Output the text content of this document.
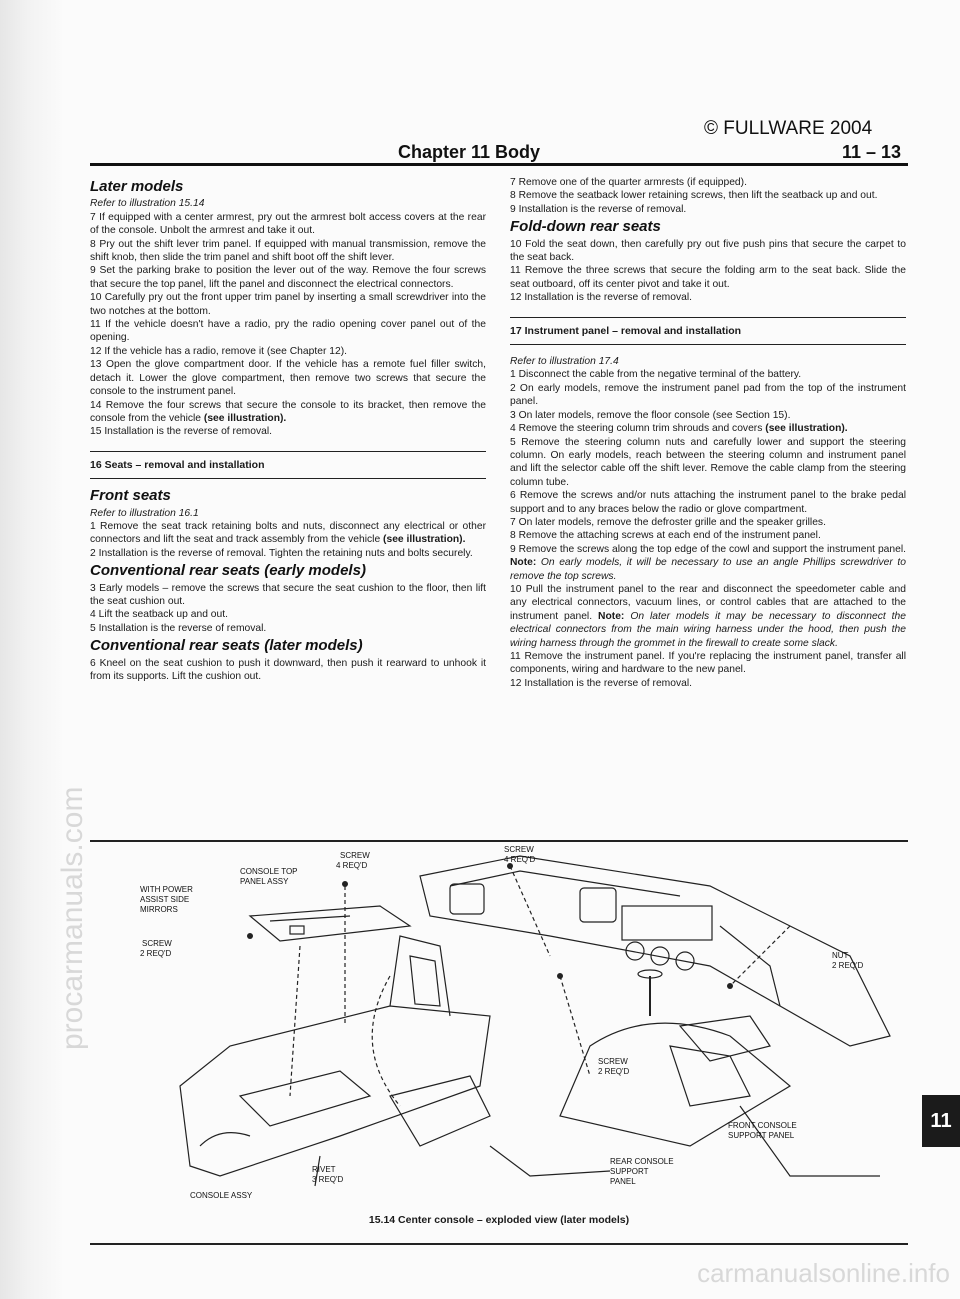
© FULLWARE 2004
Chapter 11 Body	11 – 13
Later models

Refer to illustration 15.14

7 If equipped with a center armrest, pry out the armrest bolt access covers at the rear of the console. Unbolt the armrest and take it out.

8 Pry out the shift lever trim panel. If equipped with manual transmission, remove the shift knob, then slide the trim panel and shift boot off the shift lever.

9 Set the parking brake to position the lever out of the way. Remove the four screws that secure the top panel, lift the panel and disconnect the electrical connectors.

10 Carefully pry out the front upper trim panel by inserting a small screwdriver into the two notches at the bottom.

11 If the vehicle doesn't have a radio, pry the radio opening cover panel out of the opening.

12 If the vehicle has a radio, remove it (see Chapter 12).

13 Open the glove compartment door. If the vehicle has a remote fuel filler switch, detach it. Lower the glove compartment, then remove two screws that secure the console to the instrument panel.

14 Remove the four screws that secure the console to its bracket, then remove the console from the vehicle (see illustration).

15 Installation is the reverse of removal.

16 Seats – removal and installation
Front seats

Refer to illustration 16.1

1 Remove the seat track retaining bolts and nuts, disconnect any electrical or other connectors and lift the seat and track assembly from the vehicle (see illustration).

2 Installation is the reverse of removal. Tighten the retaining nuts and bolts securely.

Conventional rear seats (early models)

3 Early models – remove the screws that secure the seat cushion to the floor, then lift the seat cushion out.

4 Lift the seatback up and out.

5 Installation is the reverse of removal.

Conventional rear seats (later models)

6 Kneel on the seat cushion to push it downward, then push it rearward to unhook it from its supports. Lift the cushion out.

7 Remove one of the quarter armrests (if equipped).

8 Remove the seatback lower retaining screws, then lift the seatback up and out.

9 Installation is the reverse of removal.

Fold-down rear seats

10 Fold the seat down, then carefully pry out five push pins that secure the carpet to the seat back.

11 Remove the three screws that secure the folding arm to the seat back. Slide the seat outboard, off its center pivot and take it out.

12 Installation is the reverse of removal.

17 Instrument panel – removal and installation

Refer to illustration 17.4

1 Disconnect the cable from the negative terminal of the battery.

2 On early models, remove the instrument panel pad from the top of the instrument panel.

3 On later models, remove the floor console (see Section 15).

4 Remove the steering column trim shrouds and covers (see illustration).

5 Remove the steering column nuts and carefully lower and support the steering column. On early models, reach between the steering column and instrument panel and lift the selector cable off the shift lever. Remove the cable clamp from the steering column tube.

6 Remove the screws and/or nuts attaching the instrument panel to the brake pedal support and to any braces below the radio or glove compartment.

7 On later models, remove the defroster grille and the speaker grilles.

8 Remove the attaching screws at each end of the instrument panel.

9 Remove the screws along the top edge of the cowl and support the instrument panel. Note: On early models, it will be necessary to use an angle Phillips screwdriver to remove the top screws.

10 Pull the instrument panel to the rear and disconnect the speedometer cable and any electrical connectors, vacuum lines, or control cables that are attached to the instrument panel. Note: On later models it may be necessary to disconnect the electrical connectors from the main wiring harness under the hood, then push the wiring harness through the grommet in the firewall to create some slack.

11 Remove the instrument panel. If you're replacing the instrument panel, transfer all components, wiring and hardware to the new panel.

12 Installation is the reverse of removal.

CONSOLE TOP
PANEL ASSY
SCREW
4 REQ'D
WITH POWER
ASSIST SIDE
MIRRORS
SCREW
2 REQ'D
SCREW
4 REQ'D
NUT
2 REQ'D
SCREW
2 REQ'D
FRONT CONSOLE
SUPPORT PANEL
REAR CONSOLE
SUPPORT
PANEL
RIVET
3 REQ'D
CONSOLE ASSY
15.14 Center console – exploded view (later models)
11
procarmanuals.com
carmanualsonline.info
